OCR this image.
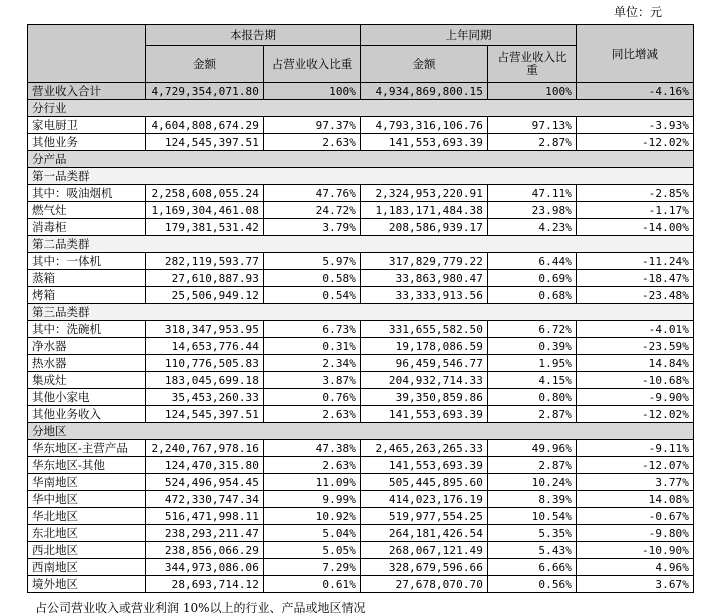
单位：元
	本报告期		上年同期		同比增减
	金额	占营业收入比重	金额	占营业收入比重	
营业收入合计	4,729,354,071.80	100%	4,934,869,800.15	100%	-4.16%
分行业					
家电厨卫	4,604,808,674.29	97.37%	4,793,316,106.76	97.13%	-3.93%
其他业务	124,545,397.51	2.63%	141,553,693.39	2.87%	-12.02%
分产品					
第一品类群					
其中：吸油烟机	2,258,608,055.24	47.76%	2,324,953,220.91	47.11%	-2.85%
燃气灶	1,169,304,461.08	24.72%	1,183,171,484.38	23.98%	-1.17%
消毒柜	179,381,531.42	3.79%	208,586,939.17	4.23%	-14.00%
第二品类群					
其中：一体机	282,119,593.77	5.97%	317,829,779.22	6.44%	-11.24%
蒸箱	27,610,887.93	0.58%	33,863,980.47	0.69%	-18.47%
烤箱	25,506,949.12	0.54%	33,333,913.56	0.68%	-23.48%
第三品类群					
其中：洗碗机	318,347,953.95	6.73%	331,655,582.50	6.72%	-4.01%
净水器	14,653,776.44	0.31%	19,178,086.59	0.39%	-23.59%
热水器	110,776,505.83	2.34%	96,459,546.77	1.95%	14.84%
集成灶	183,045,699.18	3.87%	204,932,714.33	4.15%	-10.68%
其他小家电	35,453,260.33	0.76%	39,350,859.86	0.80%	-9.90%
其他业务收入	124,545,397.51	2.63%	141,553,693.39	2.87%	-12.02%
分地区					
华东地区-主营产品	2,240,767,978.16	47.38%	2,465,263,265.33	49.96%	-9.11%
华东地区-其他	124,470,315.80	2.63%	141,553,693.39	2.87%	-12.07%
华南地区	524,496,954.45	11.09%	505,445,895.60	10.24%	3.77%
华中地区	472,330,747.34	9.99%	414,023,176.19	8.39%	14.08%
华北地区	516,471,998.11	10.92%	519,977,554.25	10.54%	-0.67%
东北地区	238,293,211.47	5.04%	264,181,426.54	5.35%	-9.80%
西北地区	238,856,066.29	5.05%	268,067,121.49	5.43%	-10.90%
西南地区	344,973,086.06	7.29%	328,679,596.66	6.66%	4.96%
境外地区	28,693,714.12	0.61%	27,678,070.70	0.56%	3.67%
占公司营业收入或营业利润 10%以上的行业、产品或地区情况
